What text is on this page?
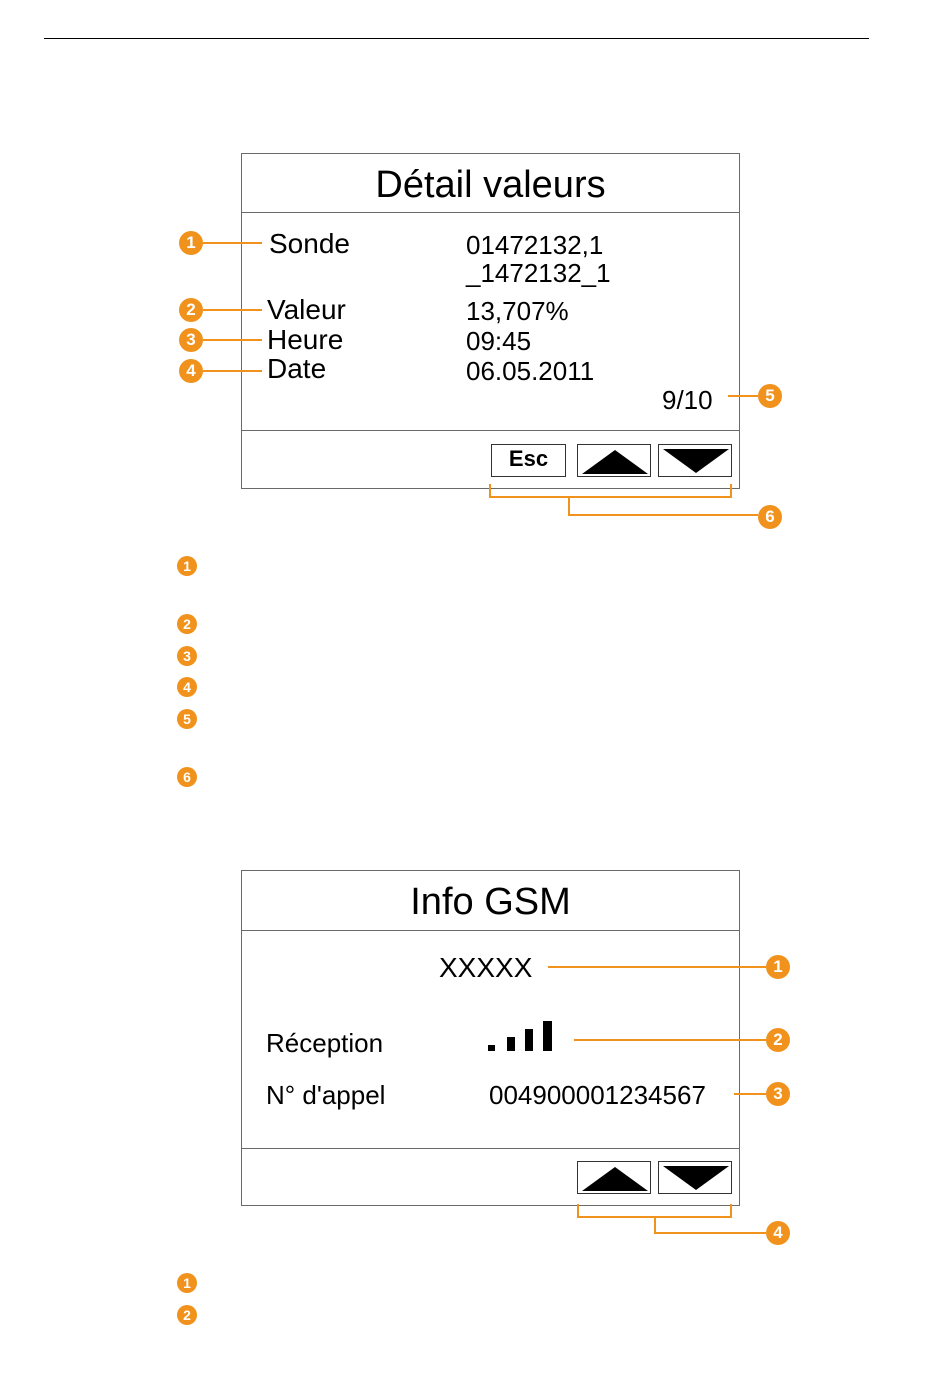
Détail valeurs
Sonde	01472132,1
_1472132_1
Valeur	13,707%
Heure	09:45
Date	06.05.2011
9/10
Esc
1
2
3
4
5
6
1
2
3
4
5
6
Info GSM
XXXXX
Réception
N° d'appel	004900001234567
1
2
3
4
1
2
